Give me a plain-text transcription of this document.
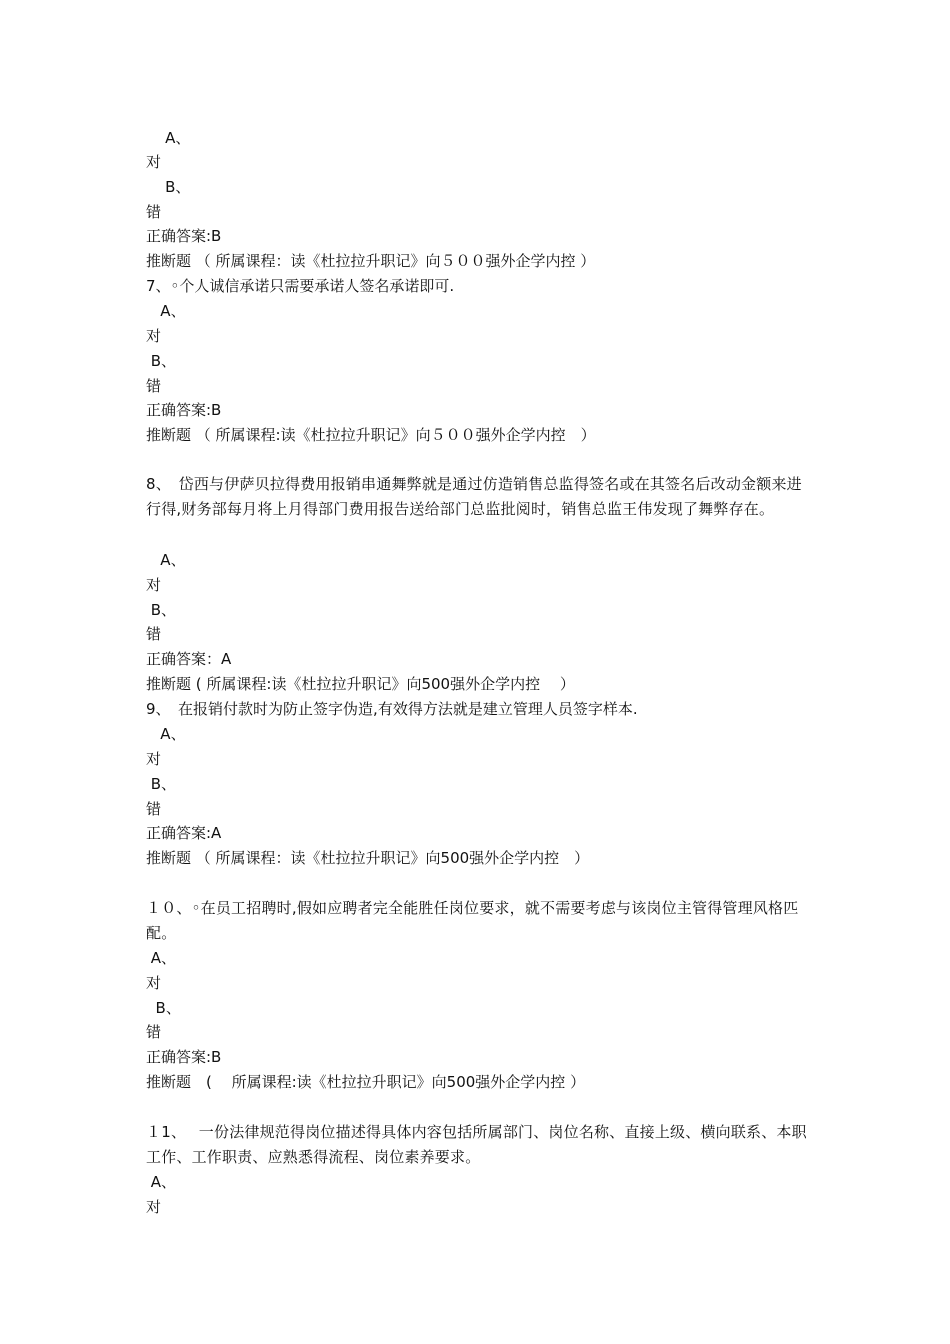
A、
对
B、
错
正确答案:B
推断题 （ 所属课程：读《杜拉拉升职记》向５００强外企学内控 ）
7、◦个人诚信承诺只需要承诺人签名承诺即可.
A、
对
B、
错
正确答案:B
推断题 （ 所属课程:读《杜拉拉升职记》向５００强外企学内控　）

8、　岱西与伊萨贝拉得费用报销串通舞弊就是通过仿造销售总监得签名或在其签名后改动金额来进行得,财务部每月将上月得部门费用报告送给部门总监批阅时，销售总监王伟发现了舞弊存在。

A、
对
B、
错
正确答案：A
推断题 ( 所属课程:读《杜拉拉升职记》向500强外企学内控　 ）
9、　在报销付款时为防止签字伪造,有效得方法就是建立管理人员签字样本.
A、
对
B、
错
正确答案:A
推断题 （ 所属课程：读《杜拉拉升职记》向500强外企学内控　）

１０、◦在员工招聘时,假如应聘者完全能胜任岗位要求，就不需要考虑与该岗位主管得管理风格匹配。

A、
对
B、
错
正确答案:B
推断题　(　 所属课程:读《杜拉拉升职记》向500强外企学内控 ）

１1、　 一份法律规范得岗位描述得具体内容包括所属部门、岗位名称、直接上级、横向联系、本职工作、工作职责、应熟悉得流程、岗位素养要求。

A、
对
